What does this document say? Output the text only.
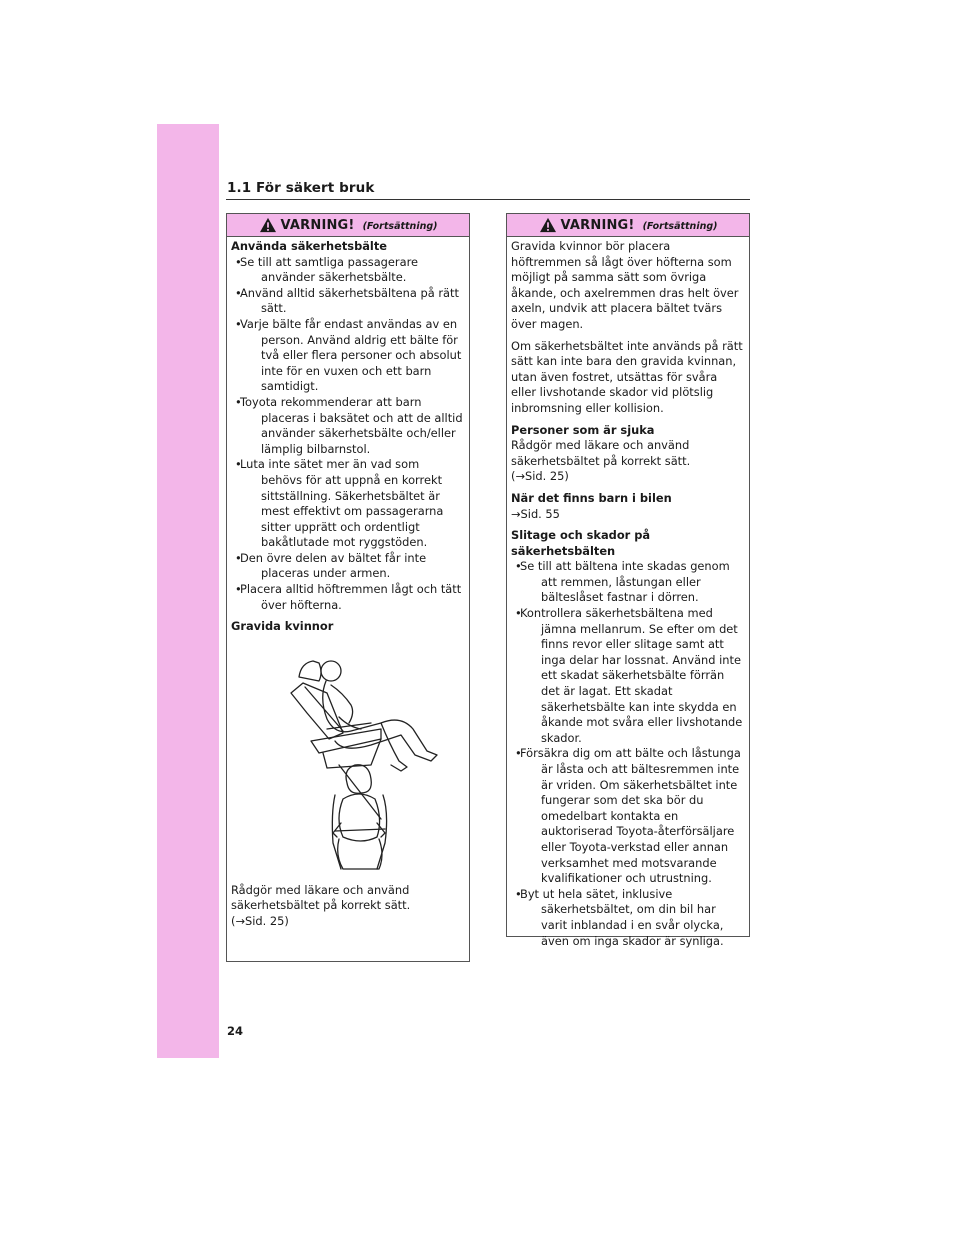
1.1 För säkert bruk
VARNING! (Fortsättning)
Använda säkerhetsbälte
• Se till att samtliga passagerare använder säkerhetsbälte.
• Använd alltid säkerhetsbältena på rätt sätt.
• Varje bälte får endast användas av en person. Använd aldrig ett bälte för två eller flera personer och absolut inte för en vuxen och ett barn samtidigt.
• Toyota rekommenderar att barn placeras i baksätet och att de alltid använder säkerhetsbälte och/eller lämplig bilbarnstol.
• Luta inte sätet mer än vad som behövs för att uppnå en korrekt sittställning. Säkerhetsbältet är mest effektivt om passagerarna sitter upprätt och ordentligt bakåtlutade mot ryggstöden.
• Den övre delen av bältet får inte placeras under armen.
• Placera alltid höftremmen lågt och tätt över höfterna.
Gravida kvinnor
Rådgör med läkare och använd
säkerhetsbältet på korrekt sätt.
(→Sid. 25)
VARNING! (Fortsättning)

Gravida kvinnor bör placera höftremmen så lågt över höfterna som möjligt på samma sätt som övriga åkande, och axelremmen dras helt över axeln, undvik att placera bältet tvärs över magen.

Om säkerhetsbältet inte används på rätt sätt kan inte bara den gravida kvinnan, utan även fostret, utsättas för svåra eller livshotande skador vid plötslig inbromsning eller kollision.

Personer som är sjuka
Rådgör med läkare och använd
säkerhetsbältet på korrekt sätt.
(→Sid. 25)
När det finns barn i bilen
→Sid. 55
Slitage och skador på säkerhetsbälten
• Se till att bältena inte skadas genom att remmen, låstungan eller bälteslåset fastnar i dörren.
• Kontrollera säkerhetsbältena med jämna mellanrum. Se efter om det finns revor eller slitage samt att inga delar har lossnat. Använd inte ett skadat säkerhetsbälte förrän det är lagat. Ett skadat säkerhetsbälte kan inte skydda en åkande mot svåra eller livshotande skador.
• Försäkra dig om att bälte och låstunga är låsta och att bältesremmen inte är vriden. Om säkerhetsbältet inte fungerar som det ska bör du omedelbart kontakta en auktoriserad Toyota-återförsäljare eller Toyota-verkstad eller annan verksamhet med motsvarande kvalifikationer och utrustning.
• Byt ut hela sätet, inklusive säkerhetsbältet, om din bil har varit inblandad i en svår olycka, även om inga skador är synliga.
24
